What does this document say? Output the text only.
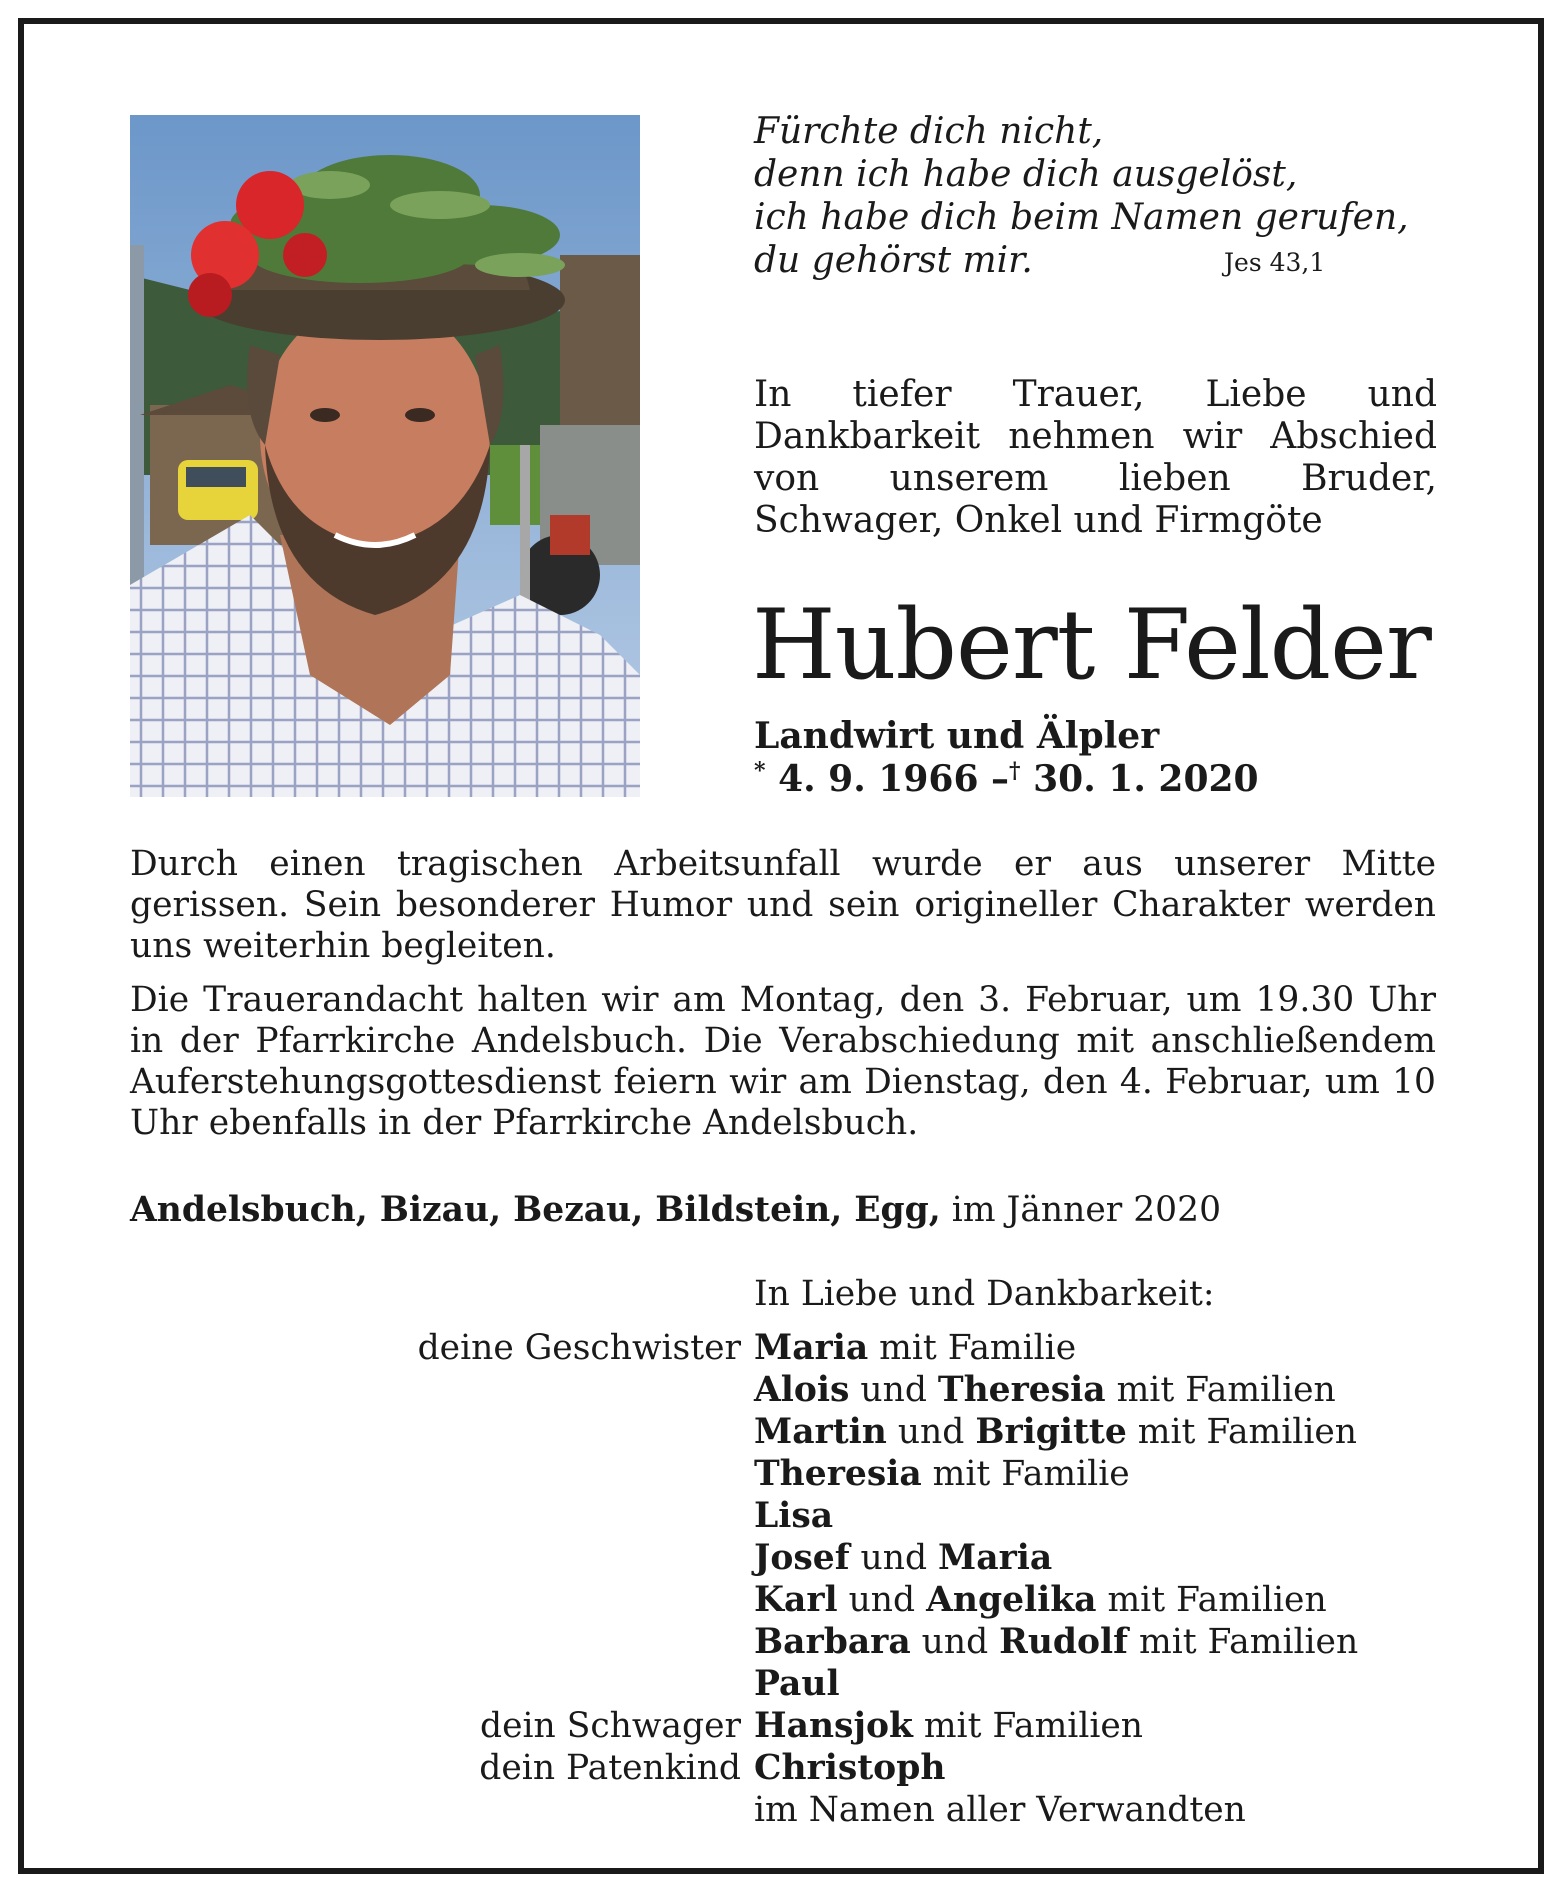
Fürchte dich nicht,
denn ich habe dich ausgelöst,
ich habe dich beim Namen gerufen,
du gehörst mir.	Jes 43,1
In tiefer Trauer, Liebe und Dankbarkeit nehmen wir Abschied von unserem lieben Bruder, Schwager, Onkel und Firmgöte
Hubert Felder
Landwirt und Älpler
* 4. 9. 1966 –† 30. 1. 2020
Durch einen tragischen Arbeitsunfall wurde er aus unserer Mitte gerissen. Sein besonderer Humor und sein origineller Charakter werden uns weiterhin begleiten.
Die Trauerandacht halten wir am Montag, den 3. Februar, um 19.30 Uhr in der Pfarrkirche Andelsbuch. Die Verabschiedung mit anschließendem Auferstehungsgottesdienst feiern wir am Dienstag, den 4. Februar, um 10 Uhr ebenfalls in der Pfarrkirche Andelsbuch.
Andelsbuch, Bizau, Bezau, Bildstein, Egg, im Jänner 2020
In Liebe und Dankbarkeit:
deine Geschwister Maria mit Familie
Alois und Theresia mit Familien
Martin und Brigitte mit Familien
Theresia mit Familie
Lisa
Josef und Maria
Karl und Angelika mit Familien
Barbara und Rudolf mit Familien
Paul
dein Schwager Hansjok mit Familien
dein Patenkind Christoph
im Namen aller Verwandten
